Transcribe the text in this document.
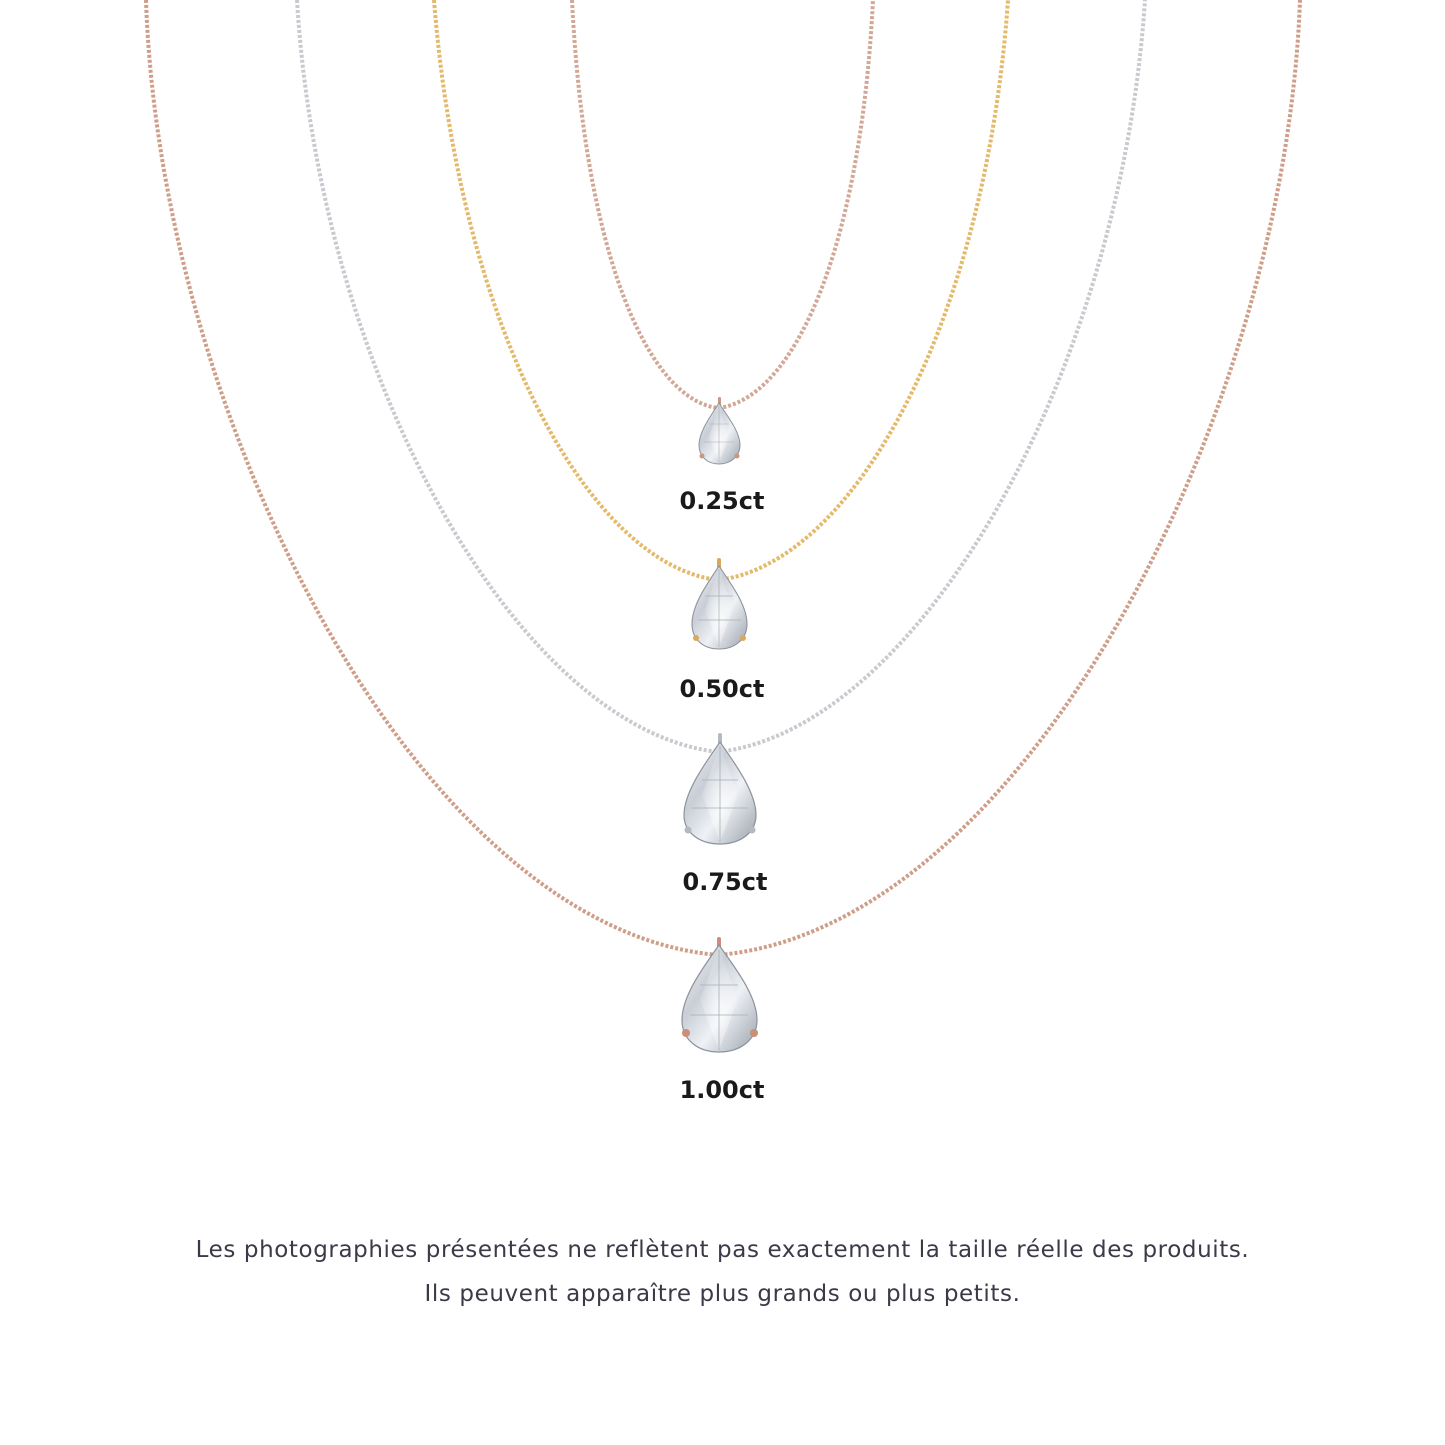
1.00ct
0.75ct
0.50ct
0.25ct
Les photographies présentées ne reflètent pas exactement la taille réelle des produits.
Ils peuvent apparaître plus grands ou plus petits.
